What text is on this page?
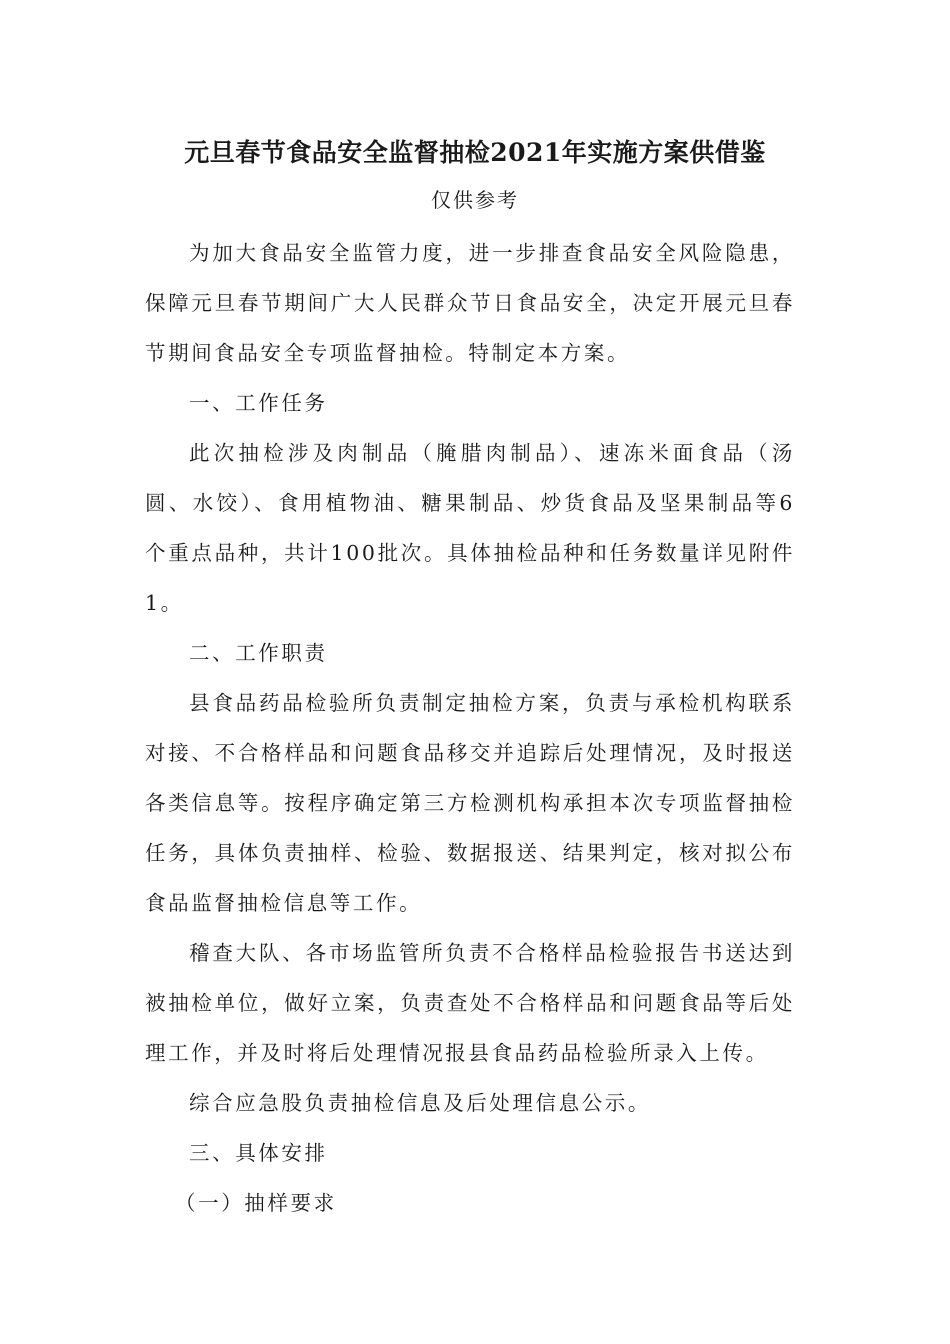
元旦春节食品安全监督抽检2021年实施方案供借鉴
仅供参考

为加大食品安全监管力度，进一步排查食品安全风险隐患，保障元旦春节期间广大人民群众节日食品安全，决定开展元旦春节期间食品安全专项监督抽检。特制定本方案。

一、工作任务

此次抽检涉及肉制品（腌腊肉制品）、速冻米面食品（汤圆、水饺）、食用植物油、糖果制品、炒货食品及坚果制品等6个重点品种，共计100批次。具体抽检品种和任务数量详见附件1。

二、工作职责

县食品药品检验所负责制定抽检方案，负责与承检机构联系对接、不合格样品和问题食品移交并追踪后处理情况，及时报送各类信息等。按程序确定第三方检测机构承担本次专项监督抽检任务，具体负责抽样、检验、数据报送、结果判定，核对拟公布食品监督抽检信息等工作。

稽查大队、各市场监管所负责不合格样品检验报告书送达到被抽检单位，做好立案，负责查处不合格样品和问题食品等后处理工作，并及时将后处理情况报县食品药品检验所录入上传。

综合应急股负责抽检信息及后处理信息公示。

三、具体安排

（一）抽样要求
